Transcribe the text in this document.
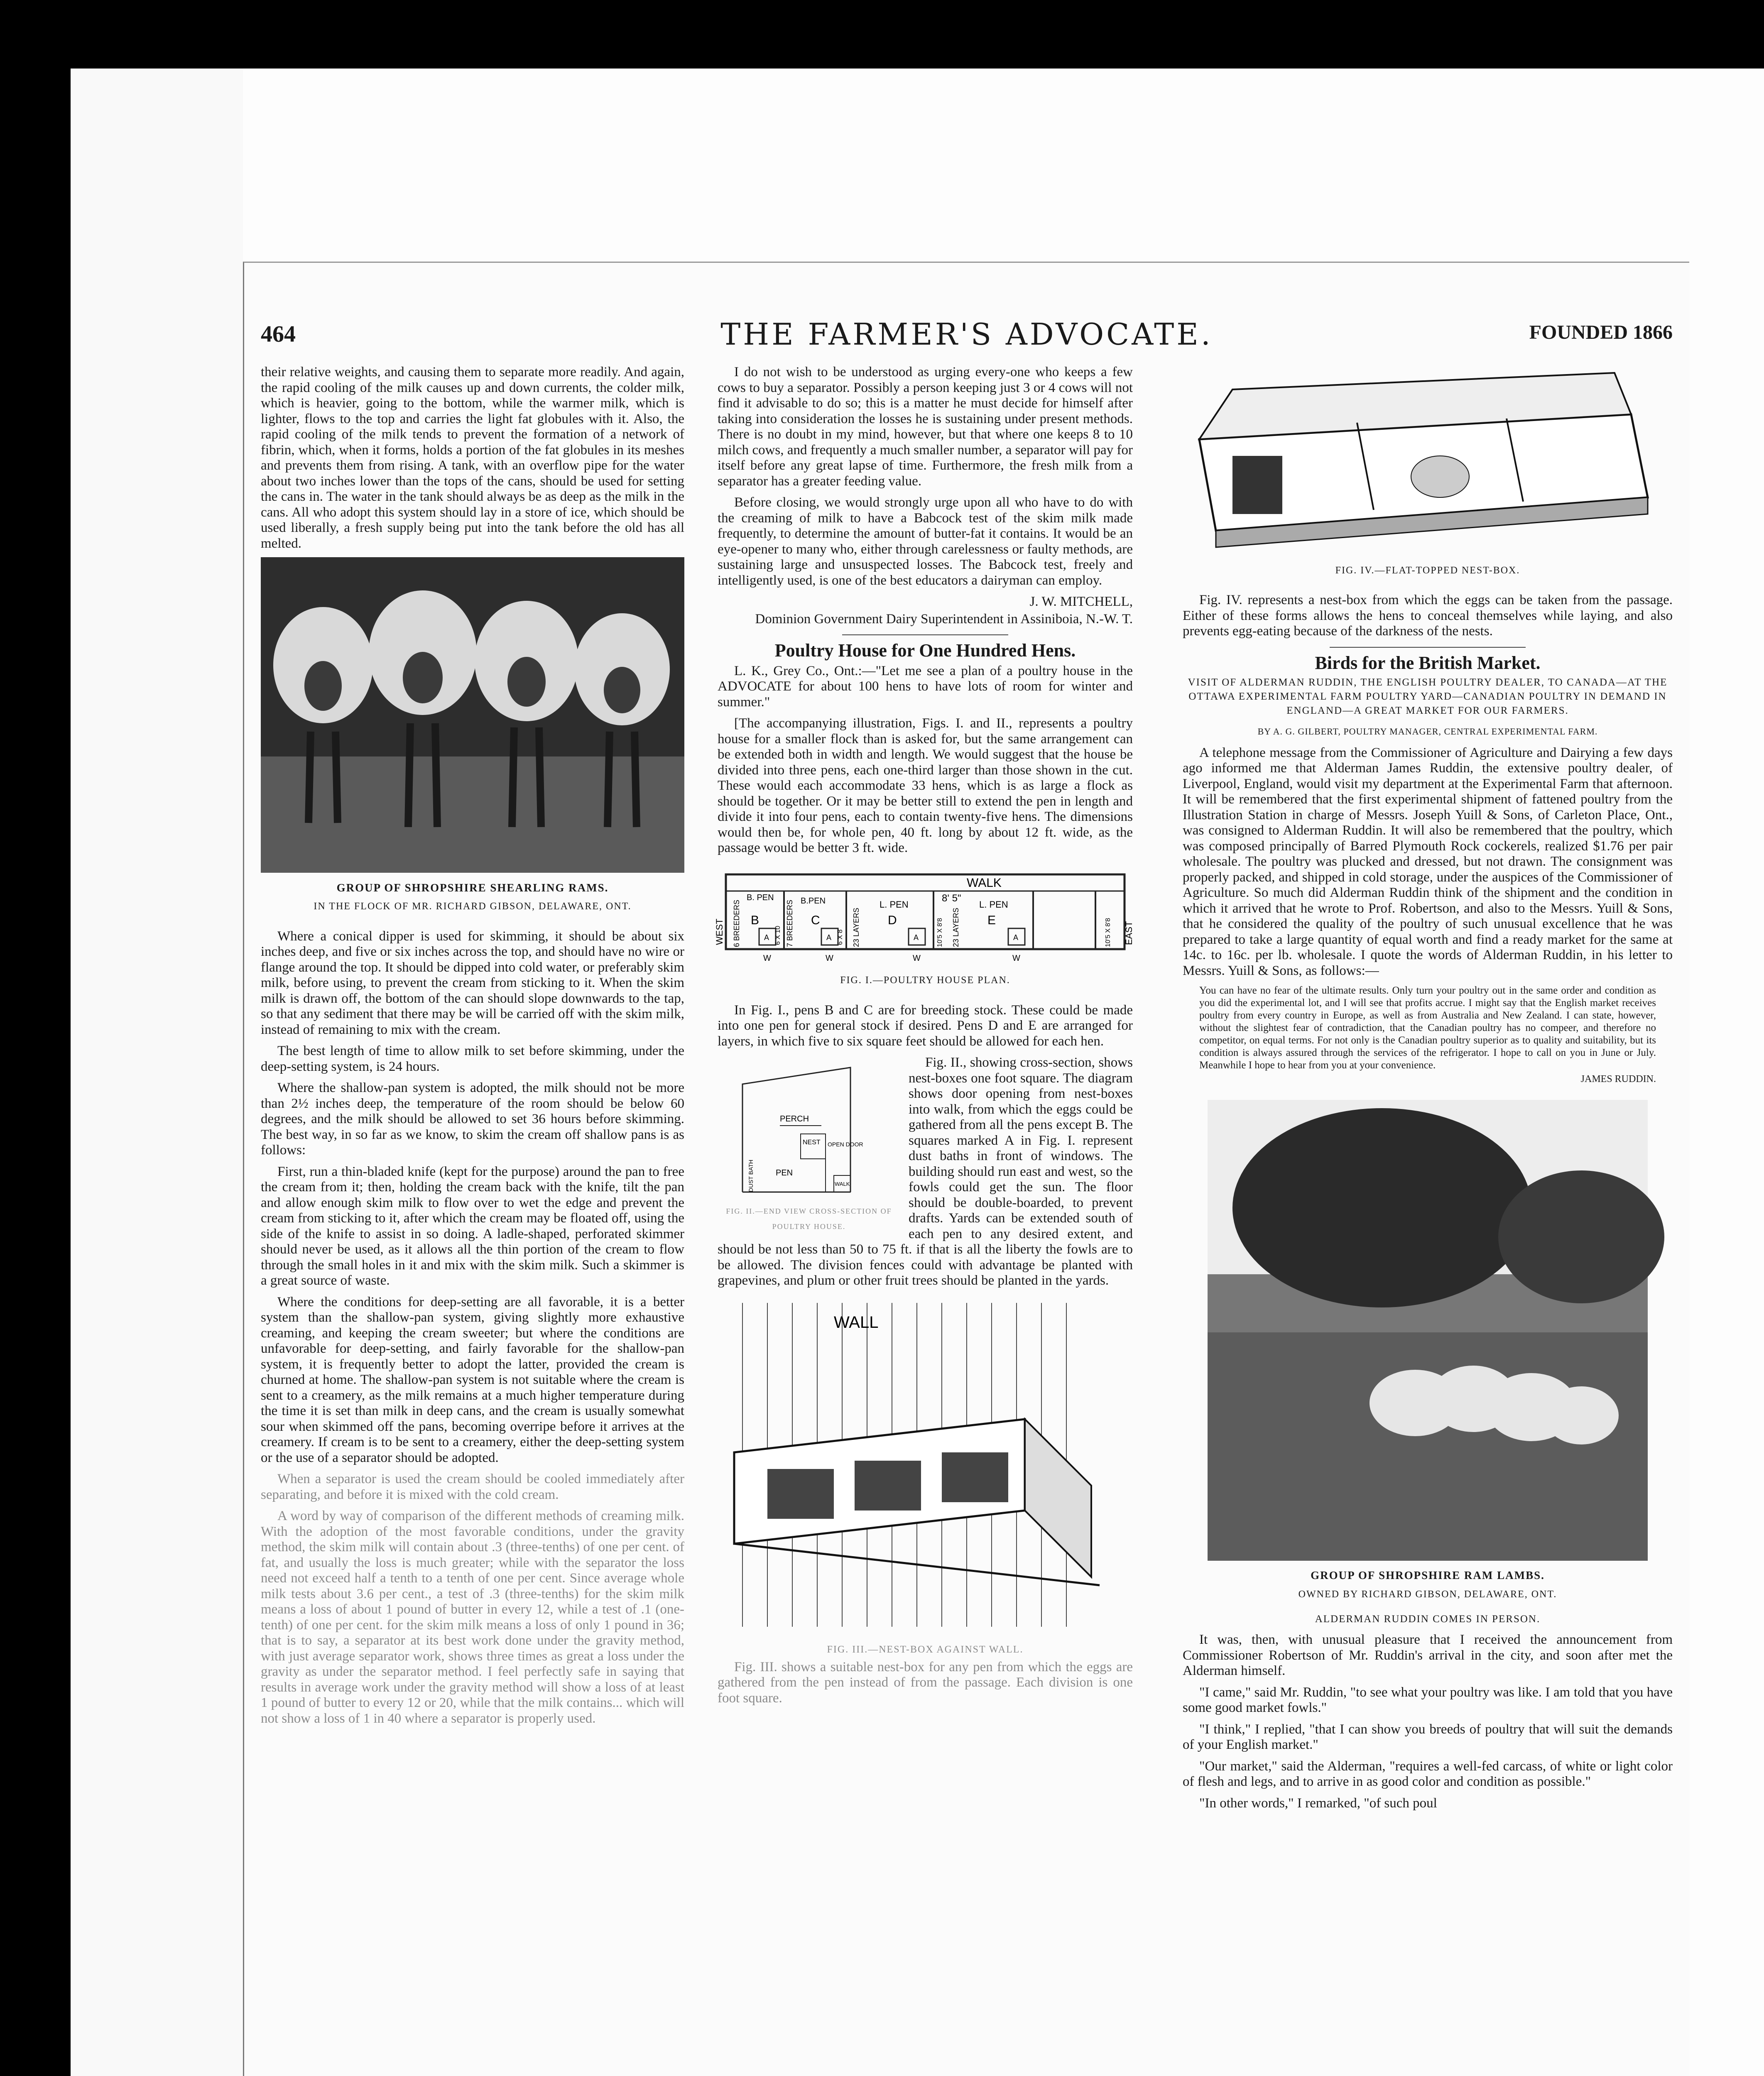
464	THE FARMER'S ADVOCATE.	FOUNDED 1866

their relative weights, and causing them to separate more readily. And again, the rapid cooling of the milk causes up and down currents, the colder milk, which is heavier, going to the bottom, while the warmer milk, which is lighter, flows to the top and carries the light fat globules with it. Also, the rapid cooling of the milk tends to prevent the formation of a network of fibrin, which, when it forms, holds a portion of the fat globules in its meshes and prevents them from rising. A tank, with an overflow pipe for the water about two inches lower than the tops of the cans, should be used for setting the cans in. The water in the tank should always be as deep as the milk in the cans. All who adopt this system should lay in a store of ice, which should be used liberally, a fresh supply being put into the tank before the old has all melted.

GROUP OF SHROPSHIRE SHEARLING RAMS.
IN THE FLOCK OF MR. RICHARD GIBSON, DELAWARE, ONT.

Where a conical dipper is used for skimming, it should be about six inches deep, and five or six inches across the top, and should have no wire or flange around the top. It should be dipped into cold water, or preferably skim milk, before using, to prevent the cream from sticking to it. When the skim milk is drawn off, the bottom of the can should slope downwards to the tap, so that any sediment that there may be will be carried off with the skim milk, instead of remaining to mix with the cream.

The best length of time to allow milk to set before skimming, under the deep-setting system, is 24 hours.

Where the shallow-pan system is adopted, the milk should not be more than 2½ inches deep, the temperature of the room should be below 60 degrees, and the milk should be allowed to set 36 hours before skimming. The best way, in so far as we know, to skim the cream off shallow pans is as follows:

First, run a thin-bladed knife (kept for the purpose) around the pan to free the cream from it; then, holding the cream back with the knife, tilt the pan and allow enough skim milk to flow over to wet the edge and prevent the cream from sticking to it, after which the cream may be floated off, using the side of the knife to assist in so doing. A ladle-shaped, perforated skimmer should never be used, as it allows all the thin portion of the cream to flow through the small holes in it and mix with the skim milk. Such a skimmer is a great source of waste.

Where the conditions for deep-setting are all favorable, it is a better system than the shallow-pan system, giving slightly more exhaustive creaming, and keeping the cream sweeter; but where the conditions are unfavorable for deep-setting, and fairly favorable for the shallow-pan system, it is frequently better to adopt the latter, provided the cream is churned at home. The shallow-pan system is not suitable where the cream is sent to a creamery, as the milk remains at a much higher temperature during the time it is set than milk in deep cans, and the cream is usually somewhat sour when skimmed off the pans, becoming overripe before it arrives at the creamery. If cream is to be sent to a creamery, either the deep-setting system or the use of a separator should be adopted.

When a separator is used the cream should be cooled immediately after separating, and before it is mixed with the cold cream.

A word by way of comparison of the different methods of creaming milk. With the adoption of the most favorable conditions, under the gravity method, the skim milk will contain about .3 (three-tenths) of one per cent. of fat, and usually the loss is much greater; while with the separator the loss need not exceed half a tenth to a tenth of one per cent. Since average whole milk tests about 3.6 per cent., a test of .3 (three-tenths) for the skim milk means a loss of about 1 pound of butter in every 12, while a test of .1 (one-tenth) of one per cent. for the skim milk means a loss of only 1 pound in 36; that is to say, a separator at its best work done under the gravity method, with just average separator work, shows three times as great a loss under the gravity as under the separator method. I feel perfectly safe in saying that results in average work under the gravity method will show a loss of at least 1 pound of butter to every 12 or 20, while that the milk contains... which will not show a loss of 1 in 40 where a separator is properly used.

I do not wish to be understood as urging every-one who keeps a few cows to buy a separator. Possibly a person keeping just 3 or 4 cows will not find it advisable to do so; this is a matter he must decide for himself after taking into consideration the losses he is sustaining under present methods. There is no doubt in my mind, however, but that where one keeps 8 to 10 milch cows, and frequently a much smaller number, a separator will pay for itself before any great lapse of time. Furthermore, the fresh milk from a separator has a greater feeding value.

Before closing, we would strongly urge upon all who have to do with the creaming of milk to have a Babcock test of the skim milk made frequently, to determine the amount of butter-fat it contains. It would be an eye-opener to many who, either through carelessness or faulty methods, are sustaining large and unsuspected losses. The Babcock test, freely and intelligently used, is one of the best educators a dairyman can employ.

J. W. MITCHELL,
Dominion Government Dairy Superintendent in Assiniboia, N.-W. T.
Poultry House for One Hundred Hens.

L. K., Grey Co., Ont.:—"Let me see a plan of a poultry house in the ADVOCATE for about 100 hens to have lots of room for winter and summer."

[The accompanying illustration, Figs. I. and II., represents a poultry house for a smaller flock than is asked for, but the same arrangement can be extended both in width and length. We would suggest that the house be divided into three pens, each one-third larger than those shown in the cut. These would each accommodate 33 hens, which is as large a flock as should be together. Or it may be better still to extend the pen in length and divide it into four pens, each to contain twenty-five hens. The dimensions would then be, for whole pen, 40 ft. long by about 12 ft. wide, as the passage would be better 3 ft. wide.

WALK
8' 5"
WEST	EAST
6 BREEDERS
B. PEN
B
6 X 10 7 BREEDERS B.PEN
C
6 X 8 23 LAYERS
L. PEN
D	10'5 X 8'8 23 LAYERS
L. PEN
E	10'5 X 8'8
A	A	A	A
W	W	W	W
FIG. I.—POULTRY HOUSE PLAN.

In Fig. I., pens B and C are for breeding stock. These could be made into one pen for general stock if desired. Pens D and E are arranged for layers, in which five to six square feet should be allowed for each hen.

PERCH
NEST OPEN DOOR
PEN
DUST BATH	WALK
FIG. II.—END VIEW CROSS-SECTION OF POULTRY HOUSE.

Fig. II., showing cross-section, shows nest-boxes one foot square. The diagram shows door opening from nest-boxes into walk, from which the eggs could be gathered from all the pens except B. The squares marked A in Fig. I. represent dust baths in front of windows. The building should run east and west, so the fowls could get the sun. The floor should be double-boarded, to prevent drafts. Yards can be extended south of each pen to any desired extent, and should be not less than 50 to 75 ft. if that is all the liberty the fowls are to be allowed. The division fences could with advantage be planted with grapevines, and plum or other fruit trees should be planted in the yards.

WALL
FIG. III.—NEST-BOX AGAINST WALL.

Fig. III. shows a suitable nest-box for any pen from which the eggs are gathered from the pen instead of from the passage. Each division is one foot square.

FIG. IV.—FLAT-TOPPED NEST-BOX.

Fig. IV. represents a nest-box from which the eggs can be taken from the passage. Either of these forms allows the hens to conceal themselves while laying, and also prevents egg-eating because of the darkness of the nests.

Birds for the British Market.
VISIT OF ALDERMAN RUDDIN, THE ENGLISH POULTRY DEALER, TO CANADA—AT THE OTTAWA EXPERIMENTAL FARM POULTRY YARD—CANADIAN POULTRY IN DEMAND IN ENGLAND—A GREAT MARKET FOR OUR FARMERS.
BY A. G. GILBERT, POULTRY MANAGER, CENTRAL EXPERIMENTAL FARM.

A telephone message from the Commissioner of Agriculture and Dairying a few days ago informed me that Alderman James Ruddin, the extensive poultry dealer, of Liverpool, England, would visit my department at the Experimental Farm that afternoon. It will be remembered that the first experimental shipment of fattened poultry from the Illustration Station in charge of Messrs. Joseph Yuill & Sons, of Carleton Place, Ont., was consigned to Alderman Ruddin. It will also be remembered that the poultry, which was composed principally of Barred Plymouth Rock cockerels, realized $1.76 per pair wholesale. The poultry was plucked and dressed, but not drawn. The consignment was properly packed, and shipped in cold storage, under the auspices of the Commissioner of Agriculture. So much did Alderman Ruddin think of the shipment and the condition in which it arrived that he wrote to Prof. Robertson, and also to the Messrs. Yuill & Sons, that he considered the quality of the poultry of such unusual excellence that he was prepared to take a large quantity of equal worth and find a ready market for the same at 14c. to 16c. per lb. wholesale. I quote the words of Alderman Ruddin, in his letter to Messrs. Yuill & Sons, as follows:—

You can have no fear of the ultimate results. Only turn your poultry out in the same order and condition as you did the experimental lot, and I will see that profits accrue. I might say that the English market receives poultry from every country in Europe, as well as from Australia and New Zealand. I can state, however, without the slightest fear of contradiction, that the Canadian poultry has no compeer, and therefore no competitor, on equal terms. For not only is the Canadian poultry superior as to quality and suitability, but its condition is always assured through the services of the refrigerator. I hope to call on you in June or July. Meanwhile I hope to hear from you at your convenience.
JAMES RUDDIN.
GROUP OF SHROPSHIRE RAM LAMBS.
OWNED BY RICHARD GIBSON, DELAWARE, ONT.
ALDERMAN RUDDIN COMES IN PERSON.

It was, then, with unusual pleasure that I received the announcement from Commissioner Robertson of Mr. Ruddin's arrival in the city, and soon after met the Alderman himself.

"I came," said Mr. Ruddin, "to see what your poultry was like. I am told that you have some good market fowls."

"I think," I replied, "that I can show you breeds of poultry that will suit the demands of your English market."

"Our market," said the Alderman, "requires a well-fed carcass, of white or light color of flesh and legs, and to arrive in as good color and condition as possible."

"In other words," I remarked, "of such poul
